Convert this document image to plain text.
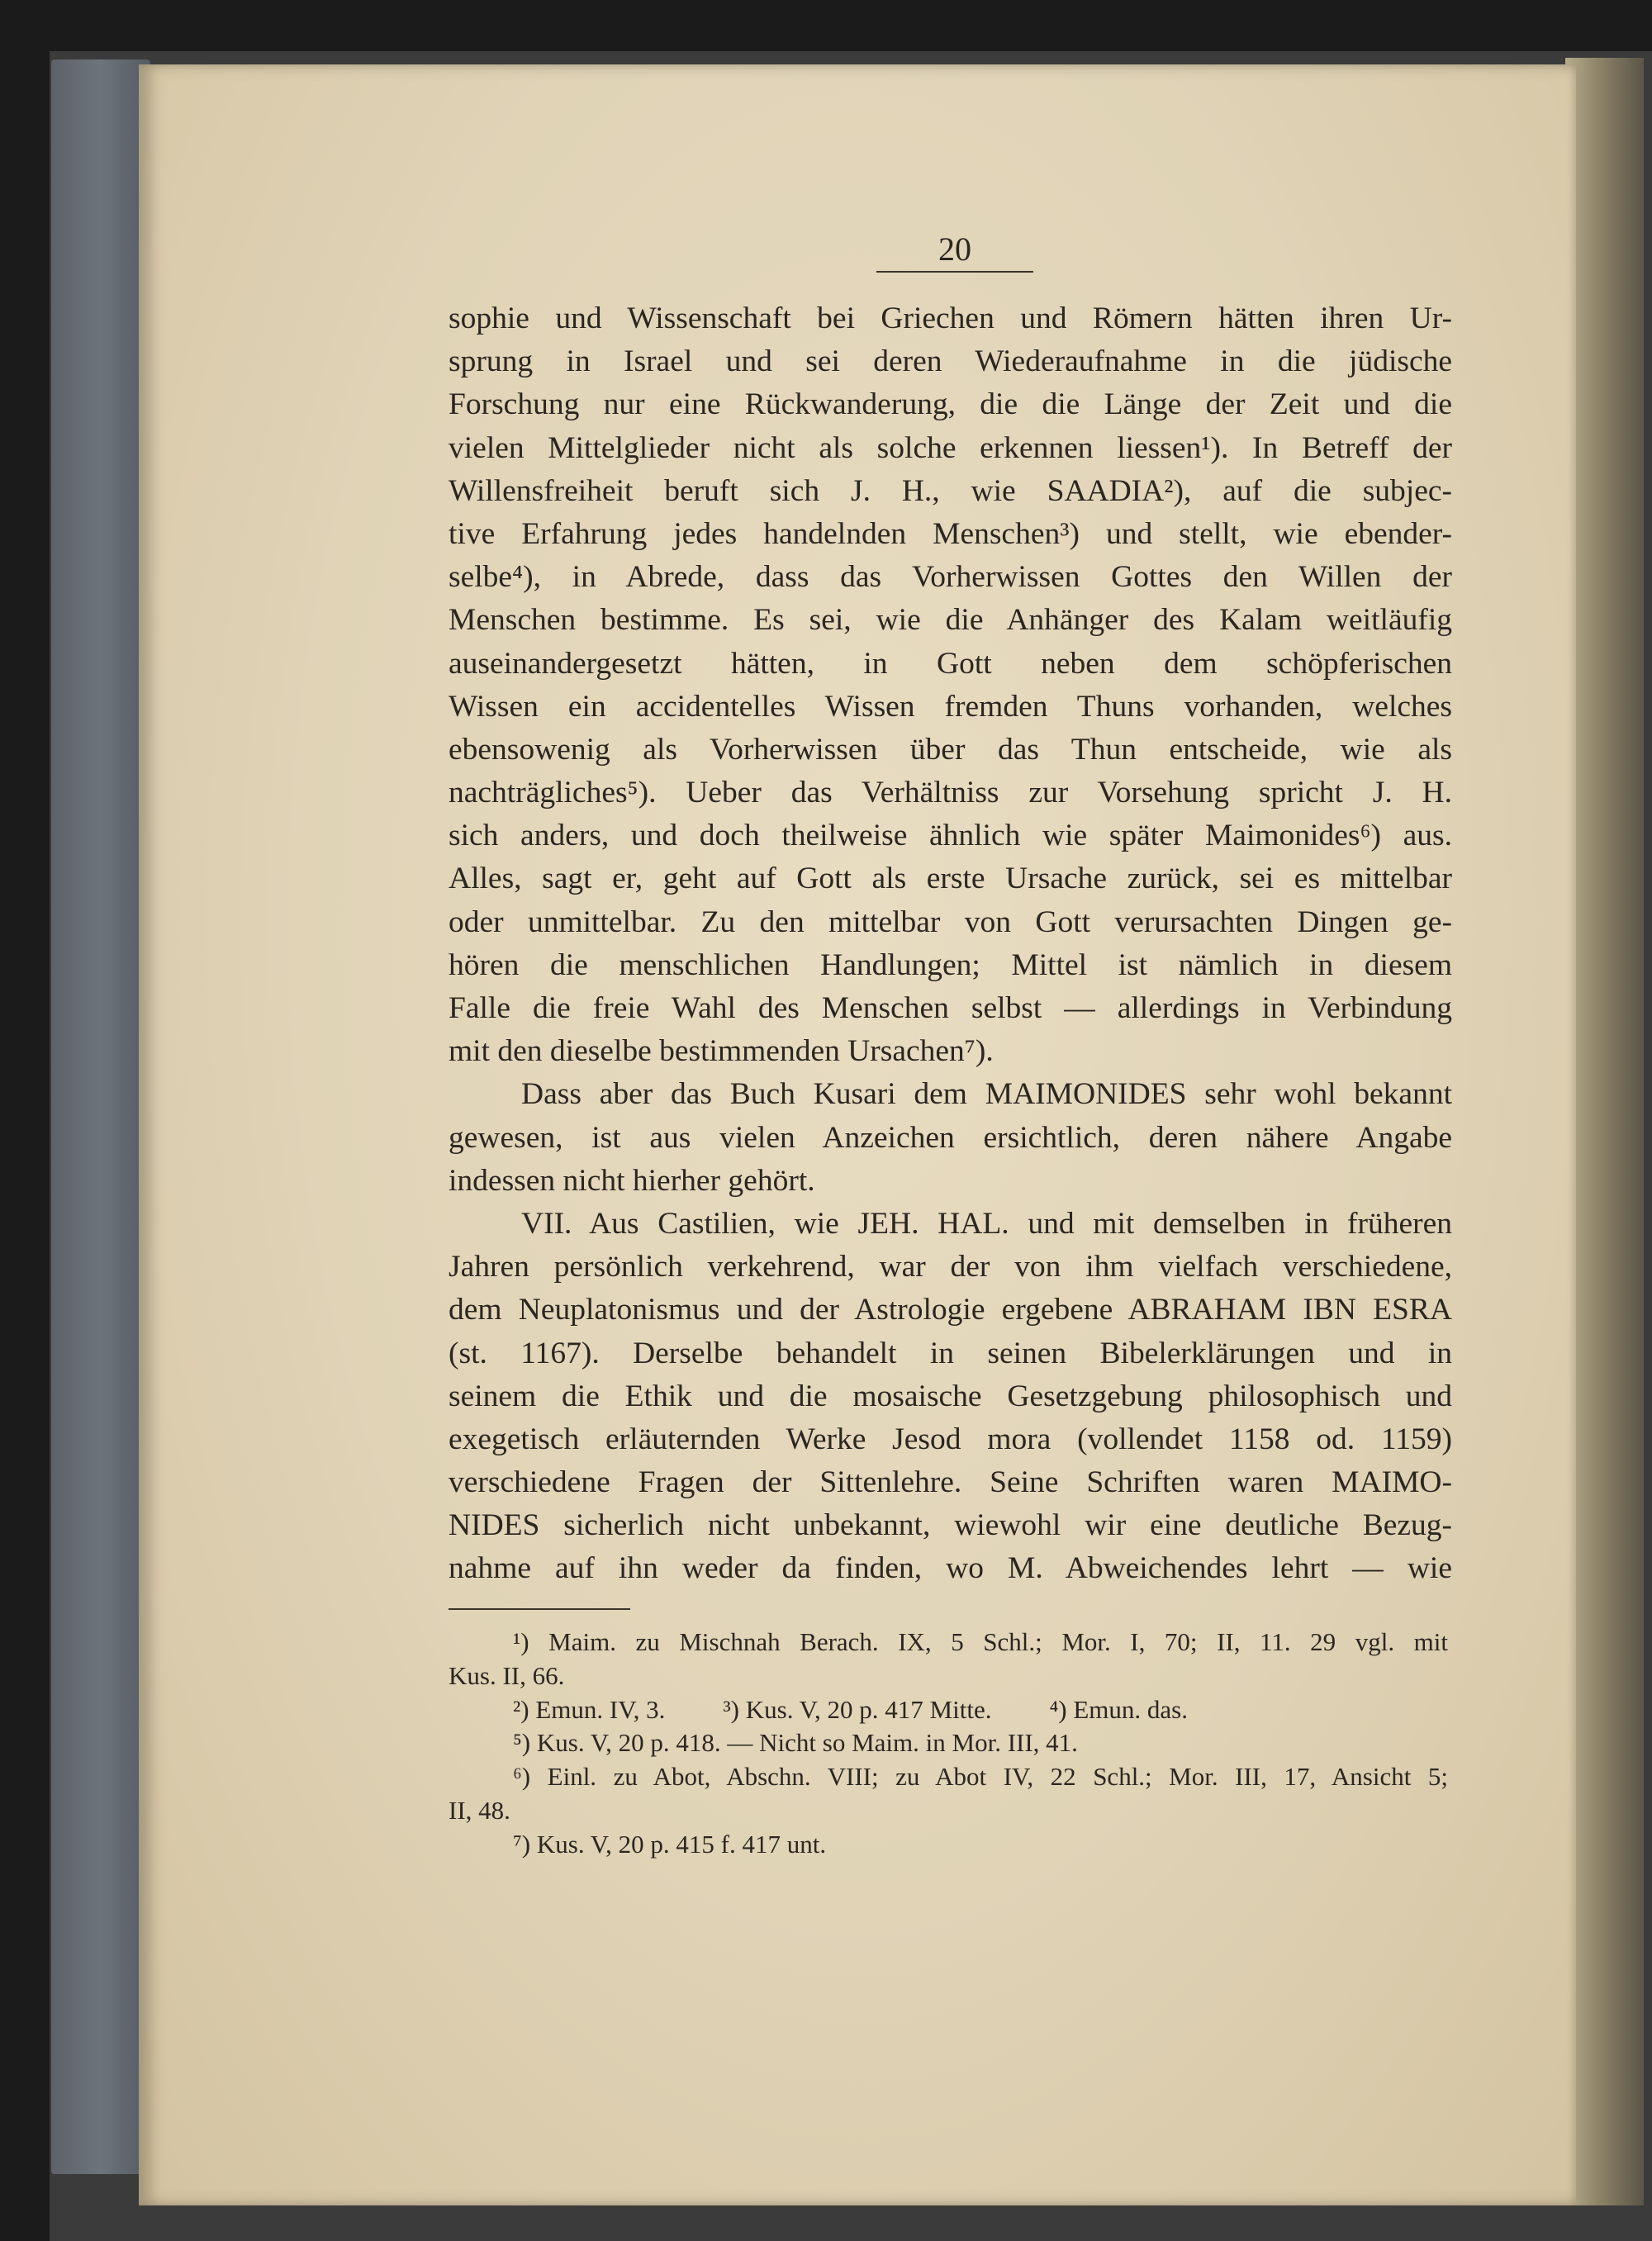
20
sophie und Wissenschaft bei Griechen und Römern hätten ihren Ur-
sprung in Israel und sei deren Wiederaufnahme in die jüdische
Forschung nur eine Rückwanderung, die die Länge der Zeit und die
vielen Mittelglieder nicht als solche erkennen liessen¹). In Betreff der
Willensfreiheit beruft sich J. H., wie SAADIA²), auf die subjec-
tive Erfahrung jedes handelnden Menschen³) und stellt, wie ebender-
selbe⁴), in Abrede, dass das Vorherwissen Gottes den Willen der
Menschen bestimme. Es sei, wie die Anhänger des Kalam weitläufig
auseinandergesetzt hätten, in Gott neben dem schöpferischen
Wissen ein accidentelles Wissen fremden Thuns vorhanden, welches
ebensowenig als Vorherwissen über das Thun entscheide, wie als
nachträgliches⁵). Ueber das Verhältniss zur Vorsehung spricht J. H.
sich anders, und doch theilweise ähnlich wie später Maimonides⁶) aus.
Alles, sagt er, geht auf Gott als erste Ursache zurück, sei es mittelbar
oder unmittelbar. Zu den mittelbar von Gott verursachten Dingen ge-
hören die menschlichen Handlungen; Mittel ist nämlich in diesem
Falle die freie Wahl des Menschen selbst — allerdings in Verbindung
mit den dieselbe bestimmenden Ursachen⁷).
Dass aber das Buch Kusari dem MAIMONIDES sehr wohl bekannt
gewesen, ist aus vielen Anzeichen ersichtlich, deren nähere Angabe
indessen nicht hierher gehört.
VII. Aus Castilien, wie JEH. HAL. und mit demselben in früheren
Jahren persönlich verkehrend, war der von ihm vielfach verschiedene,
dem Neuplatonismus und der Astrologie ergebene ABRAHAM IBN ESRA
(st. 1167). Derselbe behandelt in seinen Bibelerklärungen und in
seinem die Ethik und die mosaische Gesetzgebung philosophisch und
exegetisch erläuternden Werke Jesod mora (vollendet 1158 od. 1159)
verschiedene Fragen der Sittenlehre. Seine Schriften waren MAIMO-
NIDES sicherlich nicht unbekannt, wiewohl wir eine deutliche Bezug-
nahme auf ihn weder da finden, wo M. Abweichendes lehrt — wie
¹) Maim. zu Mischnah Berach. IX, 5 Schl.; Mor. I, 70; II, 11. 29 vgl. mit
Kus. II, 66.
²) Emun. IV, 3. ³) Kus. V, 20 p. 417 Mitte. ⁴) Emun. das.
⁵) Kus. V, 20 p. 418. — Nicht so Maim. in Mor. III, 41.
⁶) Einl. zu Abot, Abschn. VIII; zu Abot IV, 22 Schl.; Mor. III, 17, Ansicht 5;
II, 48.
⁷) Kus. V, 20 p. 415 f. 417 unt.
